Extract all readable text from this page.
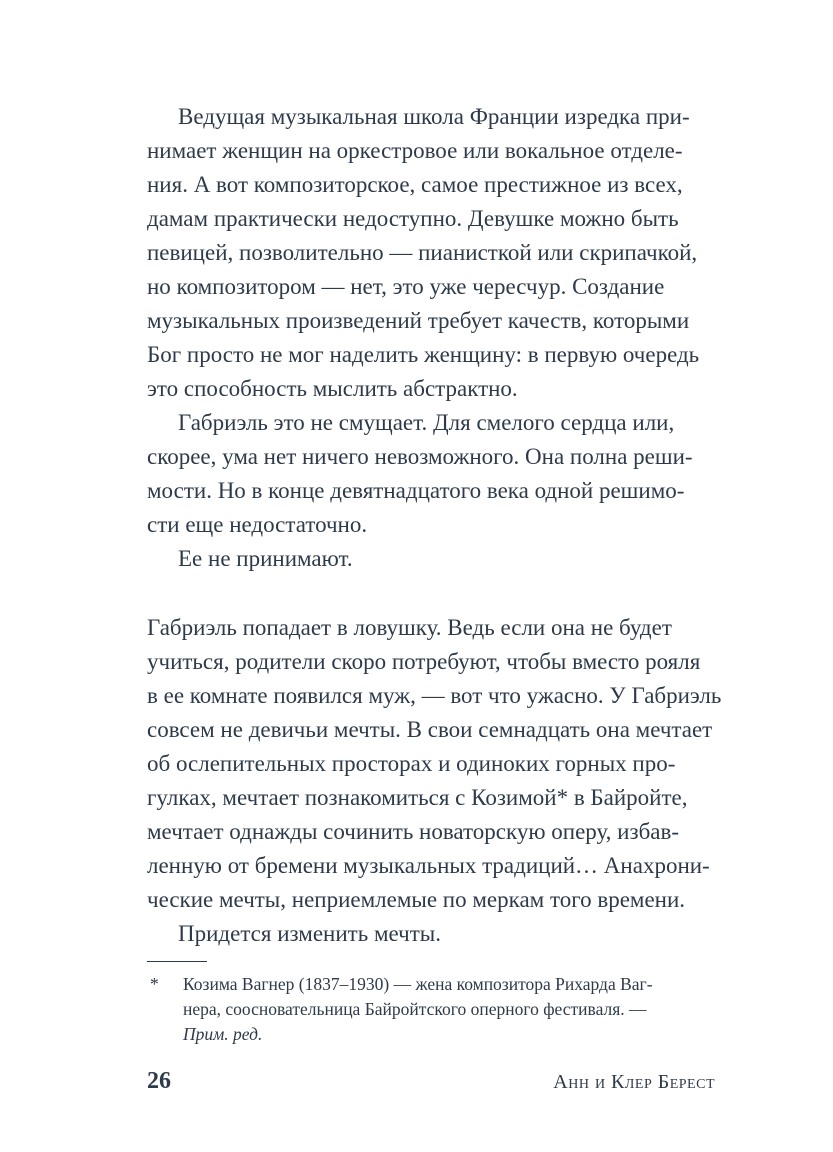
Ведущая музыкальная школа Франции изредка при-
нимает женщин на оркестровое или вокальное отделе-
ния. А вот композиторское, самое престижное из всех,
дамам практически недоступно. Девушке можно быть
певицей, позволительно — пианисткой или скрипачкой,
но композитором — нет, это уже чересчур. Создание
музыкальных произведений требует качеств, которыми
Бог просто не мог наделить женщину: в первую очередь
это способность мыслить абстрактно.
Габриэль это не смущает. Для смелого сердца или,
скорее, ума нет ничего невозможного. Она полна реши-
мости. Но в конце девятнадцатого века одной решимо-
сти еще недостаточно.
Ее не принимают.
Габриэль попадает в ловушку. Ведь если она не будет
учиться, родители скоро потребуют, чтобы вместо рояля
в ее комнате появился муж, — вот что ужасно. У Габриэль
совсем не девичьи мечты. В свои семнадцать она мечтает
об ослепительных просторах и одиноких горных про-
гулках, мечтает познакомиться с Козимой* в Байройте,
мечтает однажды сочинить новаторскую оперу, избав-
ленную от бремени музыкальных традиций… Анахрони-
ческие мечты, неприемлемые по меркам того времени.
Придется изменить мечты.
* Козима Вагнер (1837–1930) — жена композитора Рихарда Ваг-
нера, соосновательница Байройтского оперного фестиваля. —
Прим. ред.
26	Анн и Клер Берест
